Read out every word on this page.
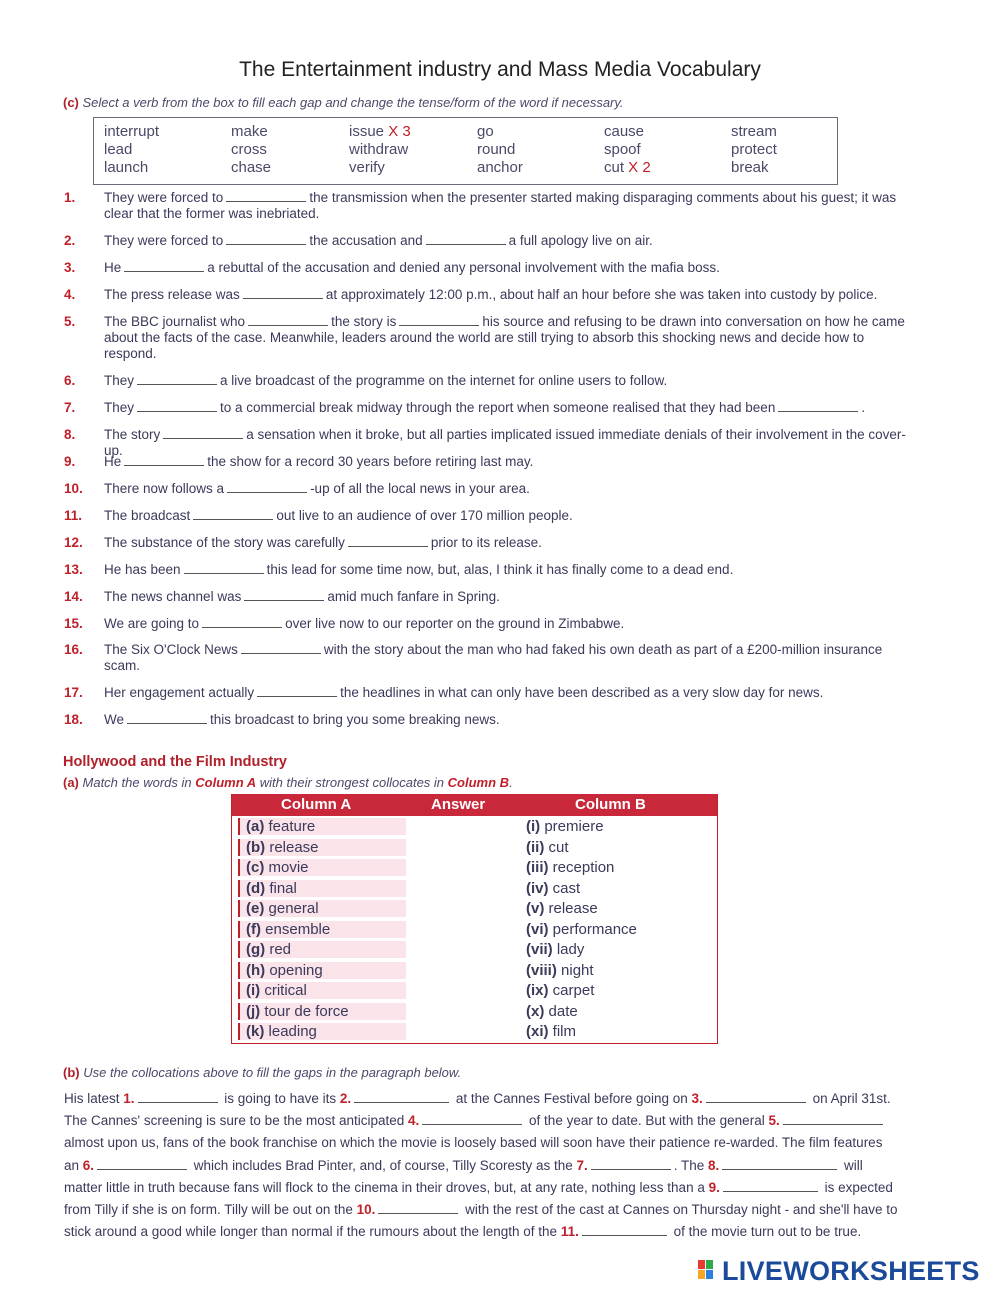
The Entertainment industry and Mass Media Vocabulary
(c) Select a verb from the box to fill each gap and change the tense/form of the word if necessary.
interrupt	make	issue X 3	go	cause	stream
lead	cross	withdraw	round	spoof	protect
launch	chase	verify	anchor	cut X 2	break
1.	They were forced to	the transmission when the presenter started making disparaging comments about his guest; it was clear that the former was inebriated.
2.	They were forced to	the accusation and	a full apology live on air.
3.	He	a rebuttal of the accusation and denied any personal involvement with the mafia boss.
4.	The press release was	at approximately 12:00 p.m., about half an hour before she was taken into custody by police.
5.	The BBC journalist who	the story is	his source and refusing to be drawn into conversation on how he came about the facts of the case. Meanwhile, leaders around the world are still trying to absorb this shocking news and decide how to respond.
6.	They	a live broadcast of the programme on the internet for online users to follow.
7.	They	to a commercial break midway through the report when someone realised that they had been	.
8.	The story	a sensation when it broke, but all parties implicated issued immediate denials of their involvement in the cover-up.
9.	He	the show for a record 30 years before retiring last may.
10.	There now follows a	-up of all the local news in your area.
11.	The broadcast	out live to an audience of over 170 million people.
12.	The substance of the story was carefully	prior to its release.
13.	He has been	this lead for some time now, but, alas, I think it has finally come to a dead end.
14.	The news channel was	amid much fanfare in Spring.
15.	We are going to	over live now to our reporter on the ground in Zimbabwe.
16.	The Six O'Clock News	with the story about the man who had faked his own death as part of a £200-million insurance scam.
17.	Her engagement actually	the headlines in what can only have been described as a very slow day for news.
18.	We	this broadcast to bring you some breaking news.
Hollywood and the Film Industry
(a) Match the words in Column A with their strongest collocates in Column B.
Column A	Answer	Column B
(a) feature	(i) premiere
(b) release	(ii) cut
(c) movie	(iii) reception
(d) final	(iv) cast
(e) general	(v) release
(f) ensemble	(vi) performance
(g) red	(vii) lady
(h) opening	(viii) night
(i) critical	(ix) carpet
(j) tour de force	(x) date
(k) leading	(xi) film
(b) Use the collocations above to fill the gaps in the paragraph below.
His latest 1.	is going to have its 2.	at the Cannes Festival before going on 3.	on April 31st. The Cannes' screening is sure to be the most anticipated 4.	of the year to date. But with the general 5. almost upon us, fans of the book franchise on which the movie is loosely based will soon have their patience re-warded. The film features an 6.	which includes Brad Pinter, and, of course, Tilly Scoresty as the 7.	. The 8.	will matter little in truth because fans will flock to the cinema in their droves, but, at any rate, nothing less than a 9.	is expected from Tilly if she is on form. Tilly will be out on the 10.	with the rest of the cast at Cannes on Thursday night - and she'll have to stick around a good while longer than normal if the rumours about the length of the 11.	of the movie turn out to be true.
LIVEWORKSHEETS
